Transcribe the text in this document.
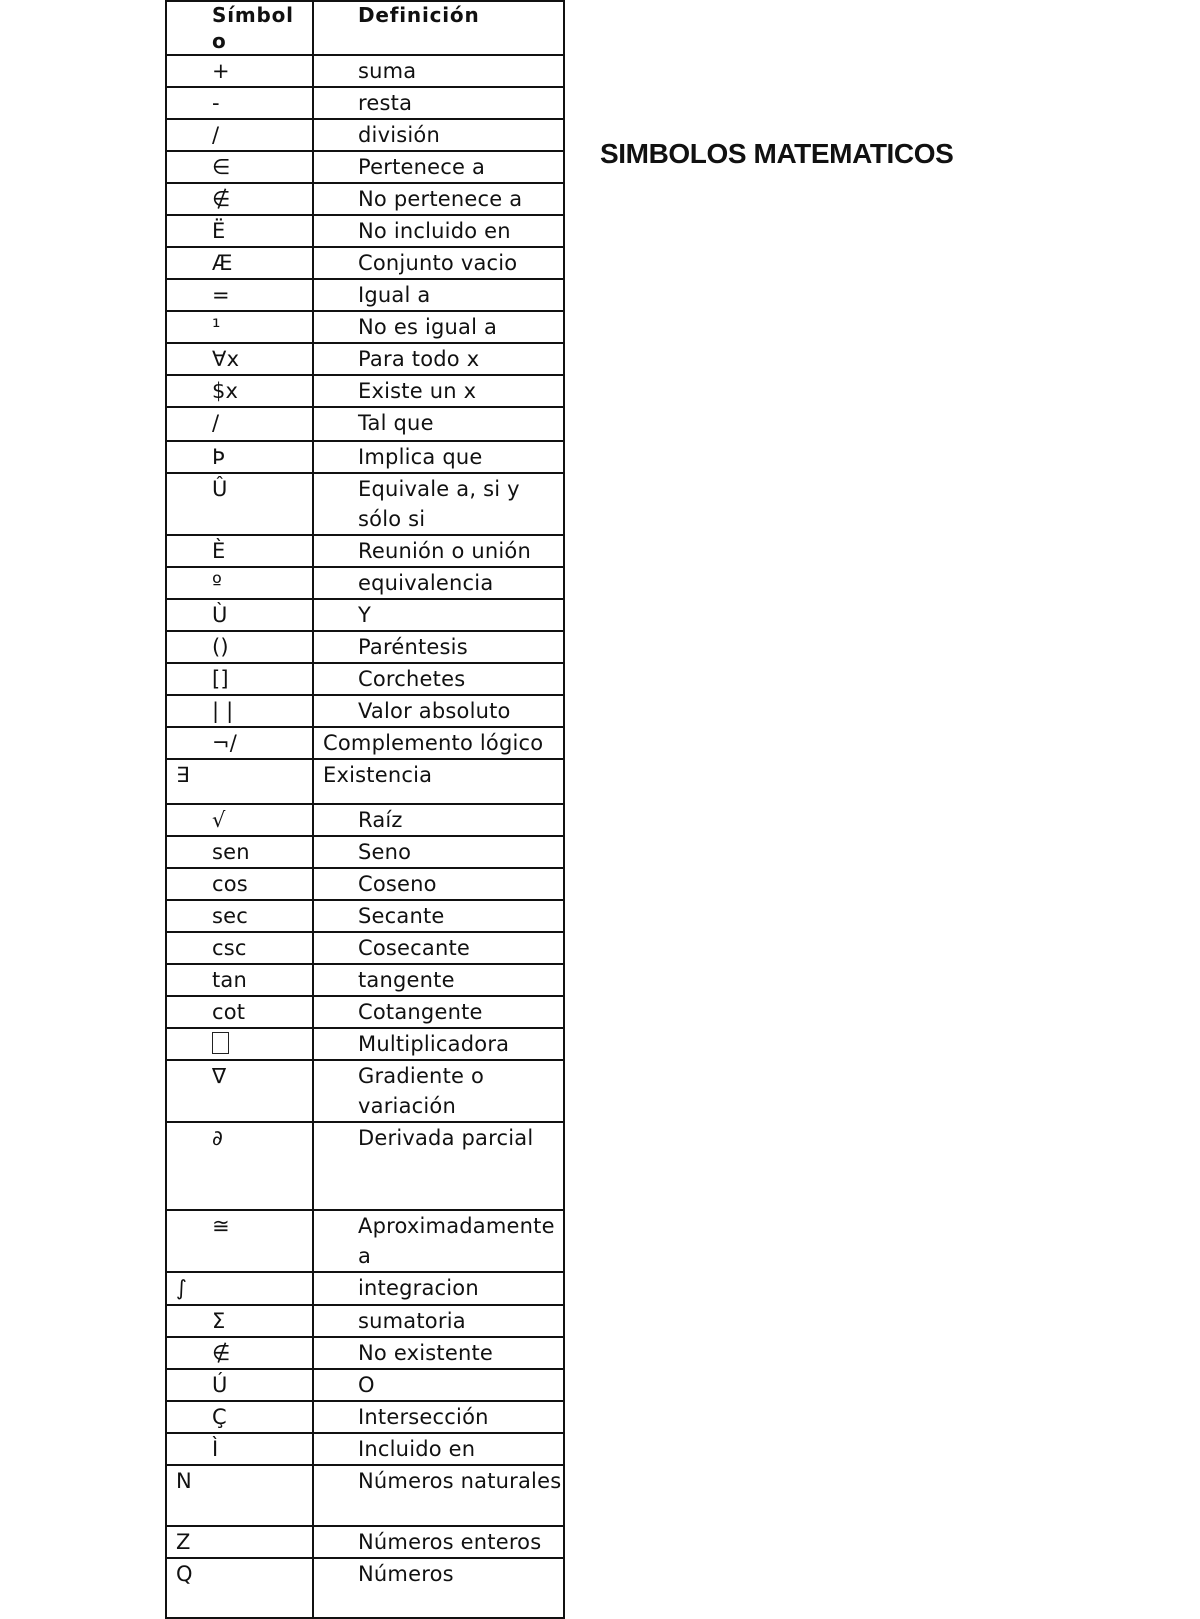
Símbol o	Definición
+	suma
-	resta
/	división
∈	Pertenece a
∉	No pertenece a
Ë	No incluido en
Æ	Conjunto vacio
=	Igual a
¹	No es igual a
∀x	Para todo x
$x	Existe un x
/	Tal que
Þ	Implica que
Û	Equivale a, si y sólo si
È	Reunión o unión
º	equivalencia
Ù	Y
()	Paréntesis
[]	Corchetes
| |	Valor absoluto
¬/	Complemento lógico
∃	Existencia
√	Raíz
sen	Seno
cos	Coseno
sec	Secante
csc	Cosecante
tan	tangente
cot	Cotangente
	Multiplicadora
∇	Gradiente o variación
∂	Derivada parcial
≅	Aproximadamente a
∫	integracion
Σ	sumatoria
∉	No existente
Ú	O
Ç	Intersección
Ì	Incluido en
N	Números naturales
Z	Números enteros
Q	Números
SIMBOLOS MATEMATICOS
